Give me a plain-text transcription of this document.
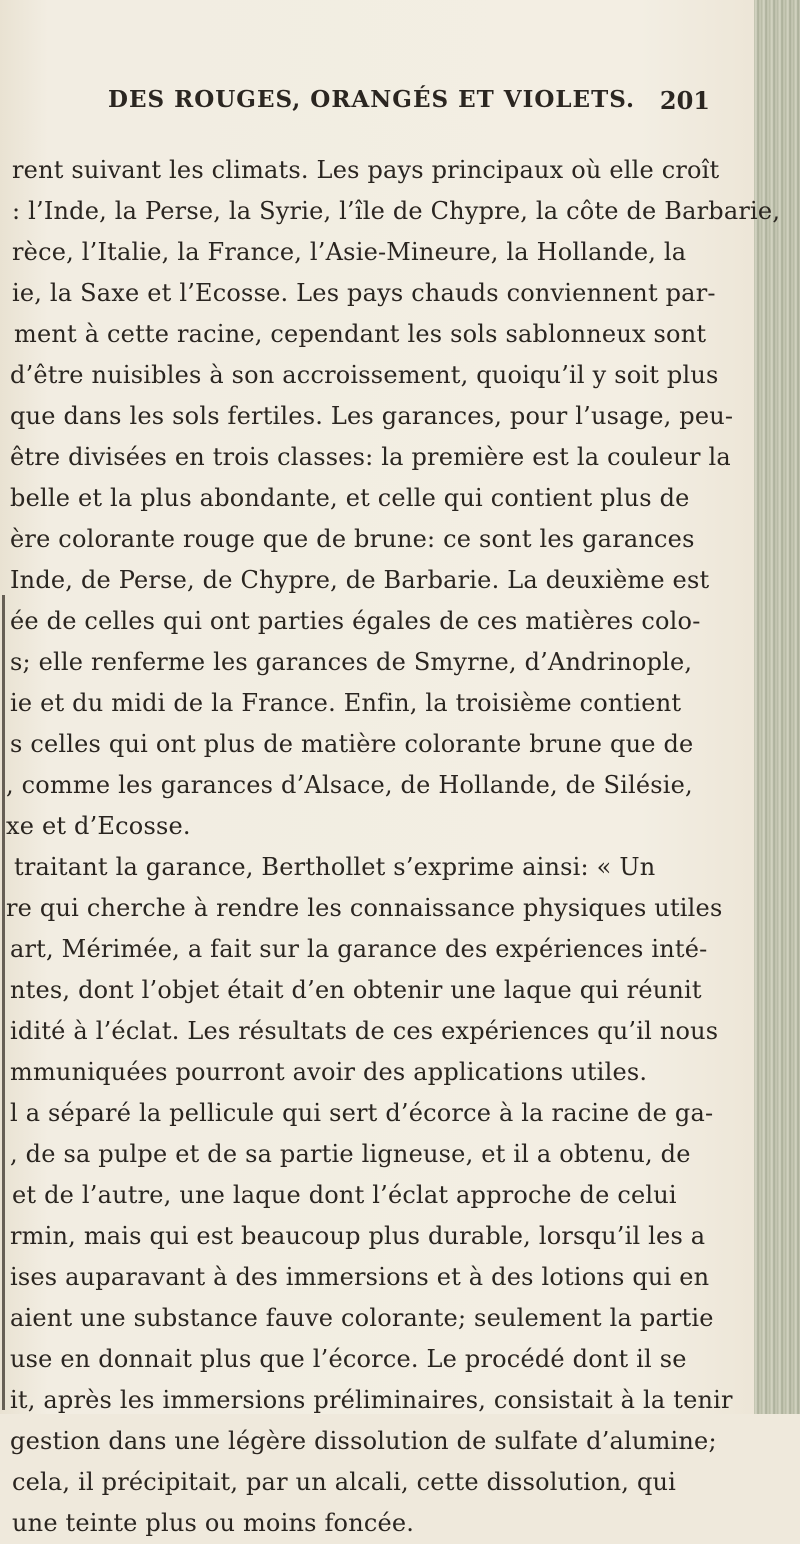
DES ROUGES, ORANGÉS ET VIOLETS. 201
rent suivant les climats. Les pays principaux où elle croît
: l’Inde, la Perse, la Syrie, l’île de Chypre, la côte de Barbarie,
rèce, l’Italie, la France, l’Asie-Mineure, la Hollande, la
ie, la Saxe et l’Ecosse. Les pays chauds conviennent par-
ment à cette racine, cependant les sols sablonneux sont
d’être nuisibles à son accroissement, quoiqu’il y soit plus
que dans les sols fertiles. Les garances, pour l’usage, peu-
être divisées en trois classes: la première est la couleur la
belle et la plus abondante, et celle qui contient plus de
ère colorante rouge que de brune: ce sont les garances
Inde, de Perse, de Chypre, de Barbarie. La deuxième est
ée de celles qui ont parties égales de ces matières colo-
s; elle renferme les garances de Smyrne, d’Andrinople,
ie et du midi de la France. Enfin, la troisième contient
s celles qui ont plus de matière colorante brune que de
, comme les garances d’Alsace, de Hollande, de Silésie,
xe et d’Ecosse.
traitant la garance, Berthollet s’exprime ainsi: « Un
re qui cherche à rendre les connaissance physiques utiles
art, Mérimée, a fait sur la garance des expériences inté-
ntes, dont l’objet était d’en obtenir une laque qui réunit
idité à l’éclat. Les résultats de ces expériences qu’il nous
mmuniquées pourront avoir des applications utiles.
l a séparé la pellicule qui sert d’écorce à la racine de ga-
, de sa pulpe et de sa partie ligneuse, et il a obtenu, de
et de l’autre, une laque dont l’éclat approche de celui
rmin, mais qui est beaucoup plus durable, lorsqu’il les a
ises auparavant à des immersions et à des lotions qui en
aient une substance fauve colorante; seulement la partie
use en donnait plus que l’écorce. Le procédé dont il se
it, après les immersions préliminaires, consistait à la tenir
gestion dans une légère dissolution de sulfate d’alumine;
cela, il précipitait, par un alcali, cette dissolution, qui
une teinte plus ou moins foncée.
